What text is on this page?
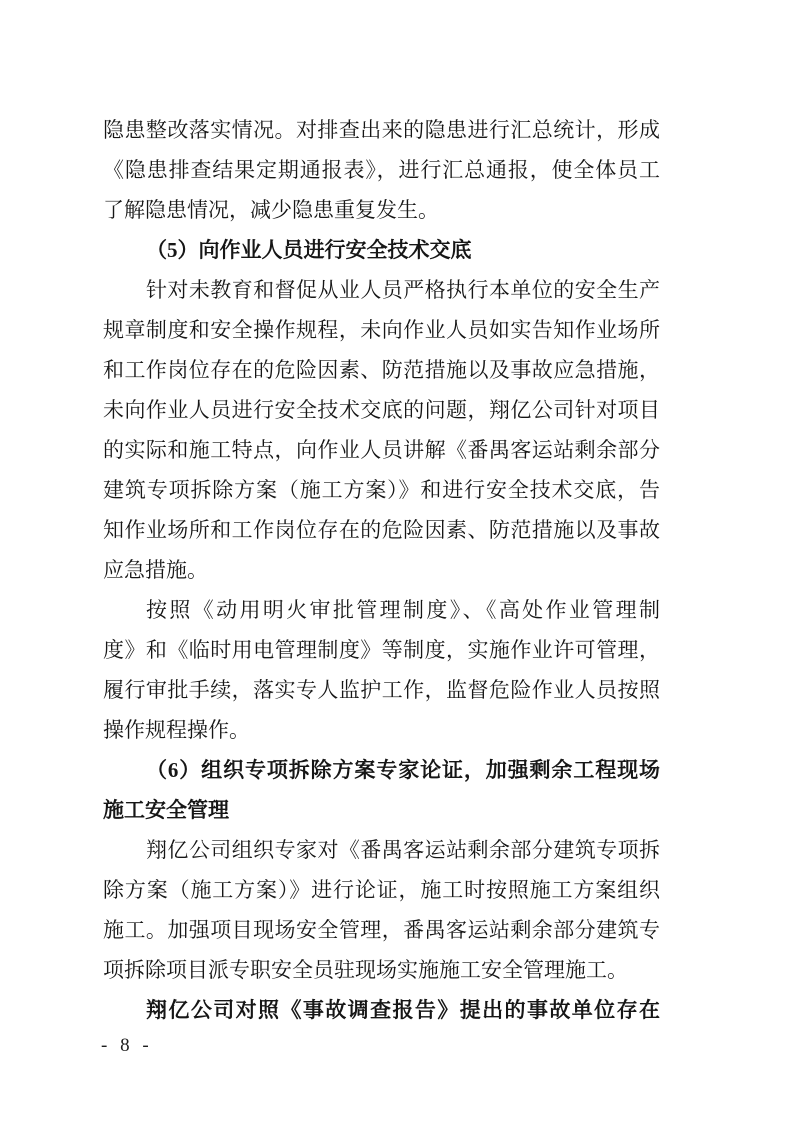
隐患整改落实情况。对排查出来的隐患进行汇总统计，形成
《隐患排查结果定期通报表》，进行汇总通报，使全体员工
了解隐患情况，减少隐患重复发生。
（5）向作业人员进行安全技术交底
针对未教育和督促从业人员严格执行本单位的安全生产
规章制度和安全操作规程，未向作业人员如实告知作业场所
和工作岗位存在的危险因素、防范措施以及事故应急措施，
未向作业人员进行安全技术交底的问题，翔亿公司针对项目
的实际和施工特点，向作业人员讲解《番禺客运站剩余部分
建筑专项拆除方案（施工方案）》和进行安全技术交底，告
知作业场所和工作岗位存在的危险因素、防范措施以及事故
应急措施。
按照《动用明火审批管理制度》、《高处作业管理制
度》和《临时用电管理制度》等制度，实施作业许可管理，
履行审批手续，落实专人监护工作，监督危险作业人员按照
操作规程操作。
（6）组织专项拆除方案专家论证，加强剩余工程现场
施工安全管理
翔亿公司组织专家对《番禺客运站剩余部分建筑专项拆
除方案（施工方案）》进行论证，施工时按照施工方案组织
施工。加强项目现场安全管理，番禺客运站剩余部分建筑专
项拆除项目派专职安全员驻现场实施施工安全管理施工。
翔亿公司对照《事故调查报告》提出的事故单位存在
- 8 -
